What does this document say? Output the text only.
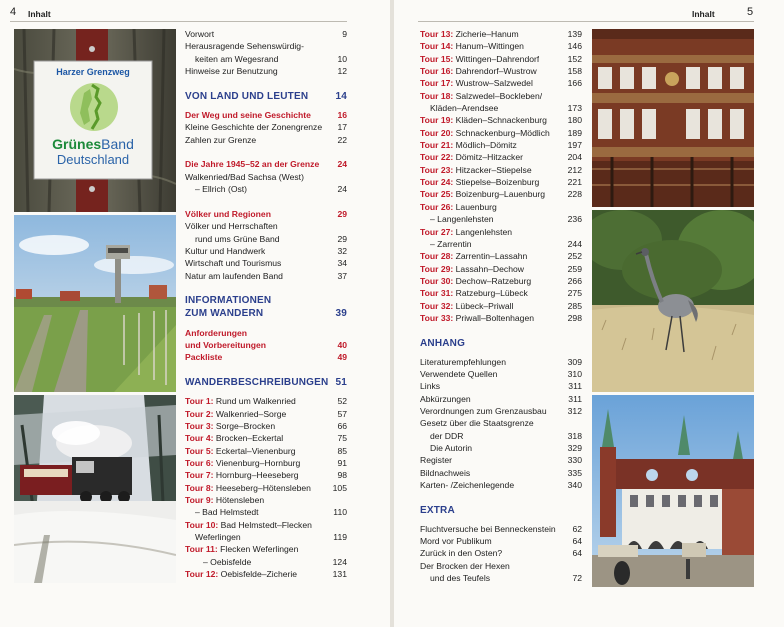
4 Inhalt	Inhalt	5
Harzer Grenzweg
GrünesBand
Deutschland
Vorwort	9
Herausragende Sehenswürdig-
keiten am Wegesrand	10
Hinweise zur Benutzung	12
VON LAND UND LEUTEN	14
Der Weg und seine Geschichte	16
Kleine Geschichte der Zonengrenze	17
Zahlen zur Grenze	22
Die Jahre 1945–52 an der Grenze	24
Walkenried/Bad Sachsa (West)
– Ellrich (Ost)	24
Völker und Regionen	29
Völker und Herrschaften
rund ums Grüne Band	29
Kultur und Handwerk	32
Wirtschaft und Tourismus	34
Natur am laufenden Band	37
INFORMATIONEN
ZUM WANDERN	39
Anforderungen
und Vorbereitungen	40
Packliste	49
WANDERBESCHREIBUNGEN 51
Tour 1: Rund um Walkenried	52
Tour 2: Walkenried–Sorge	57
Tour 3: Sorge–Brocken	66
Tour 4: Brocken–Eckertal	75
Tour 5: Eckertal–Vienenburg	85
Tour 6: Vienenburg–Hornburg	91
Tour 7: Hornburg–Heeseberg	98
Tour 8: Heeseberg–Hötensleben	105
Tour 9: Hötensleben
– Bad Helmstedt	110
Tour 10: Bad Helmstedt–Flecken
Weferlingen	119
Tour 11: Flecken Weferlingen
– Oebisfelde	124
Tour 12: Oebisfelde–Zicherie	131
Tour 13: Zicherie–Hanum	139
Tour 14: Hanum–Wittingen	146
Tour 15: Wittingen–Dahrendorf	152
Tour 16: Dahrendorf–Wustrow	158
Tour 17: Wustrow–Salzwedel	166
Tour 18: Salzwedel–Bockleben/
Kläden–Arendsee	173
Tour 19: Kläden–Schnackenburg	180
Tour 20: Schnackenburg–Mödlich	189
Tour 21: Mödlich–Dömitz	197
Tour 22: Dömitz–Hitzacker	204
Tour 23: Hitzacker–Stiepelse	212
Tour 24: Stiepelse–Boizenburg	221
Tour 25: Boizenburg–Lauenburg	228
Tour 26: Lauenburg
– Langenlehsten	236
Tour 27: Langenlehsten
– Zarrentin	244
Tour 28: Zarrentin–Lassahn	252
Tour 29: Lassahn–Dechow	259
Tour 30: Dechow–Ratzeburg	266
Tour 31: Ratzeburg–Lübeck	275
Tour 32: Lübeck–Priwall	285
Tour 33: Priwall–Boltenhagen	298
ANHANG
Literaturempfehlungen	309
Verwendete Quellen	310
Links	311
Abkürzungen	311
Verordnungen zum Grenzausbau	312
Gesetz über die Staatsgrenze
der DDR	318
Die Autorin	329
Register	330
Bildnachweis	335
Karten- /Zeichenlegende	340
EXTRA
Fluchtversuche bei Benneckenstein	62
Mord vor Publikum	64
Zurück in den Osten?	64
Der Brocken der Hexen
und des Teufels	72
